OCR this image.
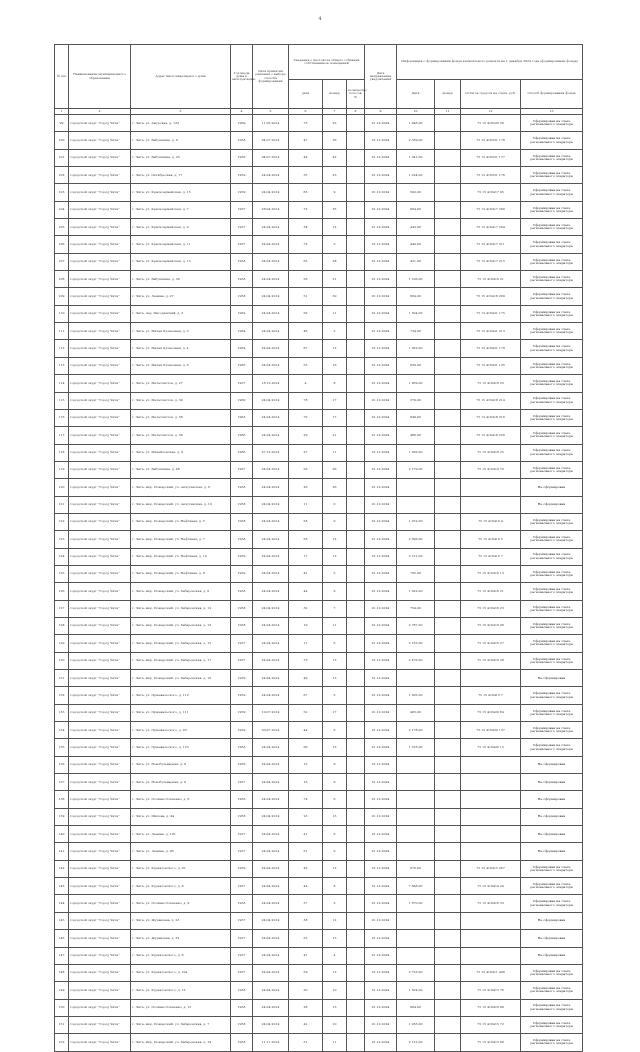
4
№ п/п	Наименование муниципального образования	Адрес многоквартирного дома	Год ввода дома в эксплуатацию	Дата принятия решения о выборе способа формирования	Сведения о протоколе общего собрания собственников помещений			Дата направления уведомления	Информация о формировании фонда капитального ремонта на 1 декабря 2024 года (формирование фонда)			
					дата	номер	количество голосов, %		Дата	номер	Остаток средств на счете, руб.	Способ формирования фонда
1	2	3	4	5	6	7	8	9	10	11	12	13
99	городской округ "Город Чита"	г. Чита, ул. Амурская, д. 122	1969	11.05.2014	75	25		01.12.2024	1 648,00		75 15 416520 30	Сформирован на счете регионального оператора
100	городской округ "Город Чита"	г. Чита, ул. Бабушкина, д. 9	1958	04.07.2014	47	36		01.12.2024	2 339,00		75 15 416521 178	Сформирован на счете регионального оператора
101	городской округ "Город Чита"	г. Чита, ул. Бабушкина, д. 25	1956	04.07.2014	44	42		01.12.2024	1 341,00		75 15 416521 177	Сформирован на счете регионального оператора
102	городской округ "Город Чита"	г. Чита, ул. Октябрьская, д. 17	1959	24.04.2014	35	23		01.12.2024	1 224,00		75 15 416521 176	Сформирован на счете регионального оператора
103	городской округ "Город Чита"	г. Чита, ул. Красноармейская, д. 15	1959	24.04.2014	63	9		01.12.2024	592,00		75 15 416417 95	Сформирован на счете регионального оператора
104	городской округ "Город Чита"	г. Чита, ул. Красноармейская, д. 7	1957	28.04.2014	72	35		01.12.2024	664,00		75 15 416417 200	Сформирован на счете регионального оператора
105	городской округ "Город Чита"	г. Чита, ул. Красноармейская, д. 9	1957	24.04.2014	34	12		01.12.2024	443,00		75 15 416417 204	Сформирован на счете регионального оператора
106	городской округ "Город Чита"	г. Чита, ул. Красноармейская, д. 11	1957	24.04.2014	72	5		01.12.2024	449,00		75 15 416417 211	Сформирован на счете регионального оператора
107	городской округ "Город Чита"	г. Чита, ул. Красноармейская, д. 13	1958	24.04.2014	65	28		01.12.2024	431,00		75 15 416417 215	Сформирован на счете регионального оператора
108	городской округ "Город Чита"	г. Чита, ул. Бабушкина, д. 36	1958	24.04.2014	58	21		01.12.2024	1 106,00		75 15 416410 21	Сформирован на счете регионального оператора
109	городской округ "Город Чита"	г. Чита, ул. Ленина, д. 27	1958	24.04.2014	51	30		01.12.2024	664,00		75 15 416418 209	Сформирован на счете регионального оператора
110	городской округ "Город Чита"	г. Чита, пер. Ингодинский, д. 3	1962	24.04.2014	56	11		01.12.2024	1 504,00		75 15 416421 175	Сформирован на счете регионального оператора
111	городской округ "Город Чита"	г. Чита, ул. Малая Кузнечная, д. 3	1964	24.04.2014	46	3		01.12.2024	734,00		75 15 416421 213	Сформирован на счете регионального оператора
112	городской округ "Город Чита"	г. Чита, ул. Малая Кузнечная, д. 4	1964	24.04.2014	67	12		01.12.2024	1 052,00		75 15 416421 179	Сформирован на счете регионального оператора
113	городской округ "Город Чита"	г. Чита, ул. Малая Кузнечная, д. 6	1965	24.04.2014	55	16		01.12.2024	639,00		75 15 416421 125	Сформирован на счете регионального оператора
114	городской округ "Город Чита"	г. Чита, ул. Металлистов, д. 27	1957	18.12.2014	4	8		01.12.2024	1 959,00		75 15 416418 23	Сформирован на счете регионального оператора
115	городской округ "Город Чита"	г. Чита, ул. Металлистов, д. 30	1960	24.04.2014	78	17		01.12.2024	379,00		75 15 416418 214	Сформирован на счете регионального оператора
116	городской округ "Город Чита"	г. Чита, ул. Металлистов, д. 36	1963	24.04.2014	76	17		01.12.2024	849,00		75 15 416418 216	Сформирован на счете регионального оператора
117	городской округ "Город Чита"	г. Чита, ул. Металлистов, д. 38	1966	24.04.2014	29	21		01.12.2024	486,00		75 15 416418 220	Сформирован на счете регионального оператора
118	городской округ "Город Чита"	г. Чита, ул. Михайловская, д. 9	1966	27.12.2014	27	11		01.12.2024	1 036,00		75 15 416418 25	Сформирован на счете регионального оператора
119	городской округ "Город Чита"	г. Чита, ул. Бабушкина, д. 48	1957	24.04.2014	56	26		01.12.2024	2 179,00		75 15 416410 70	Сформирован на счете регионального оператора
120	городской округ "Город Чита"	г. Чита, мкр. Пожарский, ул. Анчугинская, д. 6	1958	24.04.2014	26	26		01.12.2024				Не сформирован
121	городской округ "Город Чита"	г. Чита, мкр. Пожарский, ул. Анчугинская, д. 10	1958	24.04.2014	11	0		01.12.2024				Не сформирован
122	городской округ "Город Чита"	г. Чита, мкр. Пожарский, ул. Нефтяная, д. 5	1958	24.04.2014	58	0		01.12.2024	1 252,00		75 15 416416 4	Сформирован на счете регионального оператора
123	городской округ "Город Чита"	г. Чита, мкр. Пожарский, ул. Нефтяная, д. 7	1958	24.04.2014	58	12		01.12.2024	2 396,00		75 15 416416 5	Сформирован на счете регионального оператора
124	городской округ "Город Чита"	г. Чита, мкр. Пожарский, ул. Нефтяная, д. 10	1959	24.04.2014	17	13		01.12.2024	2 151,00		75 15 416416 7	Сформирован на счете регионального оператора
125	городской округ "Город Чита"	г. Чита, мкр. Пожарский, ул. Нефтяная, д. 8	1959	24.04.2014	41	5		01.12.2024	795,00		75 15 416416 13	Сформирован на счете регионального оператора
126	городской округ "Город Чита"	г. Чита, мкр. Пожарский, ул. Хабаровская, д. 6	1958	24.04.2014	44	9		01.12.2024	1 022,00		75 15 416416 21	Сформирован на счете регионального оператора
127	городской округ "Город Чита"	г. Чита, мкр. Пожарский, ул. Хабаровская, д. 12	1958	24.04.2014	32	7		01.12.2024	754,00		75 15 416416 23	Сформирован на счете регионального оператора
128	городской округ "Город Чита"	г. Чита, мкр. Пожарский, ул. Хабаровская, д. 13	1958	24.04.2014	19	11		01.12.2024	2 787,00		75 15 416416 26	Сформирован на счете регионального оператора
129	городской округ "Город Чита"	г. Чита, мкр. Пожарский, ул. Хабаровская, д. 15	1957	24.04.2014	17	6		01.12.2024	2 153,00		75 15 416416 27	Сформирован на счете регионального оператора
130	городской округ "Город Чита"	г. Чита, мкр. Пожарский, ул. Хабаровская, д. 17	1957	24.04.2014	73	15		01.12.2024	2 476,00		75 15 416416 28	Сформирован на счете регионального оператора
131	городской округ "Город Чита"	г. Чита, мкр. Пожарский, ул. Хабаровская, д. 16	1959	24.04.2014	49	13		01.12.2024				Не сформирован
132	городской округ "Город Чита"	г. Чита, ул. Пржевальского, д. 112	1959	24.04.2014	67	5		01.12.2024	1 305,00		75 15 416413 7	Сформирован на счете регионального оператора
133	городской округ "Город Чита"	г. Чита, ул. Пржевальского, д. 111	1959	10.07.2014	52	17		01.12.2024	405,00		75 15 416420 84	Сформирован на счете регионального оператора
134	городской округ "Город Чита"	г. Чита, ул. Пржевальского, д. 93	1959	30.07.2014	44	6		01.12.2024	2 178,00		75 15 416420 137	Сформирован на счете регионального оператора
135	городской округ "Город Чита"	г. Чита, ул. Пржевальского, д. 123	1963	24.04.2014	66	13		01.12.2024	1 318,00		75 15 416420 15	Сформирован на счете регионального оператора
136	городской округ "Город Чита"	г. Чита, ул. Новобульварная, д. 6	1956	24.04.2014	15	9		01.12.2024				Не сформирован
137	городской округ "Город Чита"	г. Чита, ул. Новобульварная, д. 8	1957	24.04.2014	16	9		01.12.2024				Не сформирован
138	городской округ "Город Чита"	г. Чита, ул. Полины Осипенко, д. 6	1956	24.04.2014	74	6		01.12.2024				Не сформирован
139	городской округ "Город Чита"	г. Чита, ул. Шилова, д. 44	1956	24.04.2014	23	13		01.12.2024				Не сформирован
140	городской округ "Город Чита"	г. Чита, ул. Ленина, д. 105	1957	24.04.2014	41	6		01.12.2024				Не сформирован
141	городской округ "Город Чита"	г. Чита, ул. Ленина, д. 96	1957	24.04.2014	51	9		01.12.2024				Не сформирован
142	городской округ "Город Чита"	г. Чита, ул. Курнатовского, д. 25	1959	24.04.2014	43	12		01.12.2024	876,00		75 15 416415 267	Сформирован на счете регионального оператора
143	городской округ "Город Чита"	г. Чита, ул. Курнатовского, д. 8	1957	24.04.2014	44	8		01.12.2024	7 668,00		75 15 416414 24	Сформирован на счете регионального оператора
144	городской округ "Город Чита"	г. Чита, ул. Полины Осипенко, д. 9	1958	24.04.2014	37	3		01.12.2024	1 670,00		75 15 416416 33	Сформирован на счете регионального оператора
145	городской округ "Город Чита"	г. Чита, ул. Журавлева, д. 23	1957	24.04.2014	38	12		01.12.2024				Не сформирован
146	городской округ "Город Чита"	г. Чита, ул. Журавлева, д. 32	1957	24.04.2014	53	15		01.12.2024				Не сформирован
147	городской округ "Город Чита"	г. Чита, ул. Курнатовского, д. 6	1957	24.04.2014	47	4		01.12.2024				Не сформирован
148	городской округ "Город Чита"	г. Чита, ул. Курнатовского, д. 10а	1957	24.04.2014	59	13		01.12.2024	2 733,00		75 15 416411 406	Сформирован на счете регионального оператора
149	городской округ "Город Чита"	г. Чита, ул. Курнатовского, д. 12	1958	24.04.2014	30	10		01.12.2024	1 504,00		75 15 416415 76	Сформирован на счете регионального оператора
150	городской округ "Город Чита"	г. Чита, ул. Полины Осипенко, д. 15	1958	24.04.2014	28	13		01.12.2024	964,00		75 15 416416 68	Сформирован на счете регионального оператора
151	городской округ "Город Чита"	г. Чита, мкр. Пожарский, ул. Хабаровская, д. 7	1958	24.04.2014	42	10		01.12.2024	1 263,00		75 15 416415 72	Сформирован на счете регионального оператора
152	городской округ "Город Чита"	г. Чита, мкр. Пожарский, ул. Хабаровская, д. 19	1958	11.11.2014	31	11		01.12.2024	2 131,00		75 15 416415 80	Сформирован на счете регионального оператора
